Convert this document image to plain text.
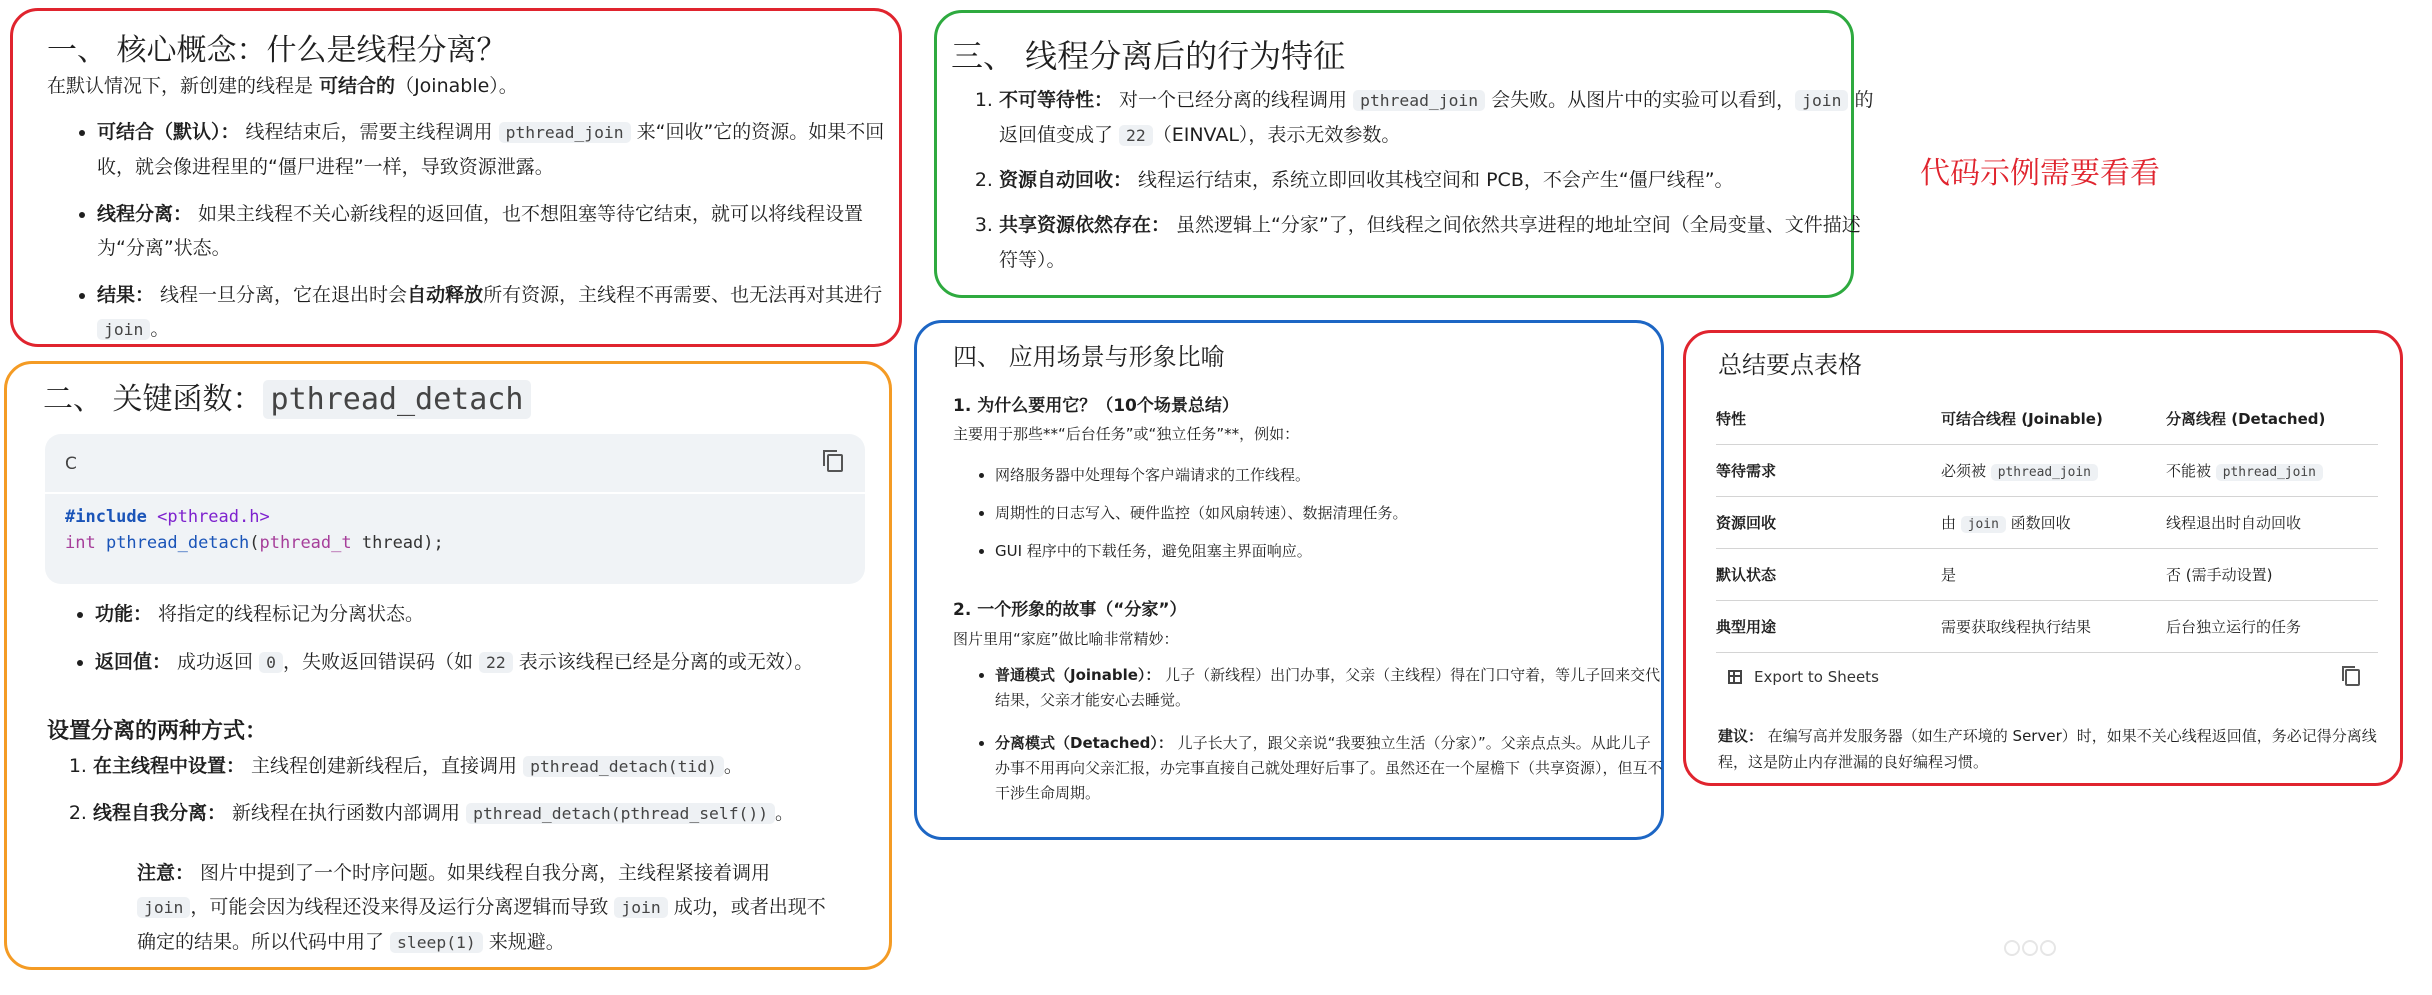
一、 核心概念：什么是线程分离？
在默认情况下，新创建的线程是 可结合的（Joinable）。
• 可结合（默认）： 线程结束后，需要主线程调用 pthread_join 来“回收”它的资源。如果不回收，就会像进程里的“僵尸进程”一样，导致资源泄露。
• 线程分离： 如果主线程不关心新线程的返回值，也不想阻塞等待它结束，就可以将线程设置为“分离”状态。
• 结果： 线程一旦分离，它在退出时会自动释放所有资源，主线程不再需要、也无法再对其进行 join 。
二、 关键函数： pthread_detach
C
#include <pthread.h>
int pthread_detach(pthread_t thread);
• 功能： 将指定的线程标记为分离状态。
• 返回值： 成功返回 0 ，失败返回错误码（如 22 表示该线程已经是分离的或无效）。
设置分离的两种方式：
1. 在主线程中设置： 主线程创建新线程后，直接调用 pthread_detach(tid) 。
2. 线程自我分离： 新线程在执行函数内部调用 pthread_detach(pthread_self()) 。
注意： 图片中提到了一个时序问题。如果线程自我分离，主线程紧接着调用 join ，可能会因为线程还没来得及运行分离逻辑而导致 join 成功，或者出现不确定的结果。所以代码中用了 sleep(1) 来规避。
三、 线程分离后的行为特征
1. 不可等待性： 对一个已经分离的线程调用 pthread_join 会失败。从图片中的实验可以看到， join 的返回值变成了 22 （EINVAL），表示无效参数。
2. 资源自动回收： 线程运行结束，系统立即回收其栈空间和 PCB，不会产生“僵尸线程”。
3. 共享资源依然存在： 虽然逻辑上“分家”了，但线程之间依然共享进程的地址空间（全局变量、文件描述符等）。
代码示例需要看看
四、 应用场景与形象比喻
1. 为什么要用它？（10个场景总结）
主要用于那些**“后台任务”或“独立任务”**，例如：
• 网络服务器中处理每个客户端请求的工作线程。
• 周期性的日志写入、硬件监控（如风扇转速）、数据清理任务。
• GUI 程序中的下载任务，避免阻塞主界面响应。
2. 一个形象的故事（“分家”）
图片里用“家庭”做比喻非常精妙：
• 普通模式（Joinable）： 儿子（新线程）出门办事，父亲（主线程）得在门口守着，等儿子回来交代结果，父亲才能安心去睡觉。
• 分离模式（Detached）： 儿子长大了，跟父亲说“我要独立生活（分家）”。父亲点点头。从此儿子办事不用再向父亲汇报，办完事直接自己就处理好后事了。虽然还在一个屋檐下（共享资源），但互不干涉生命周期。
总结要点表格
特性	可结合线程 (Joinable)	分离线程 (Detached)
等待需求	必须被 pthread_join	不能被 pthread_join
资源回收	由 join 函数回收	线程退出时自动回收
默认状态	是	否 (需手动设置)
典型用途	需要获取线程执行结果	后台独立运行的任务
Export to Sheets
建议： 在编写高并发服务器（如生产环境的 Server）时，如果不关心线程返回值，务必记得分离线程，这是防止内存泄漏的良好编程习惯。
